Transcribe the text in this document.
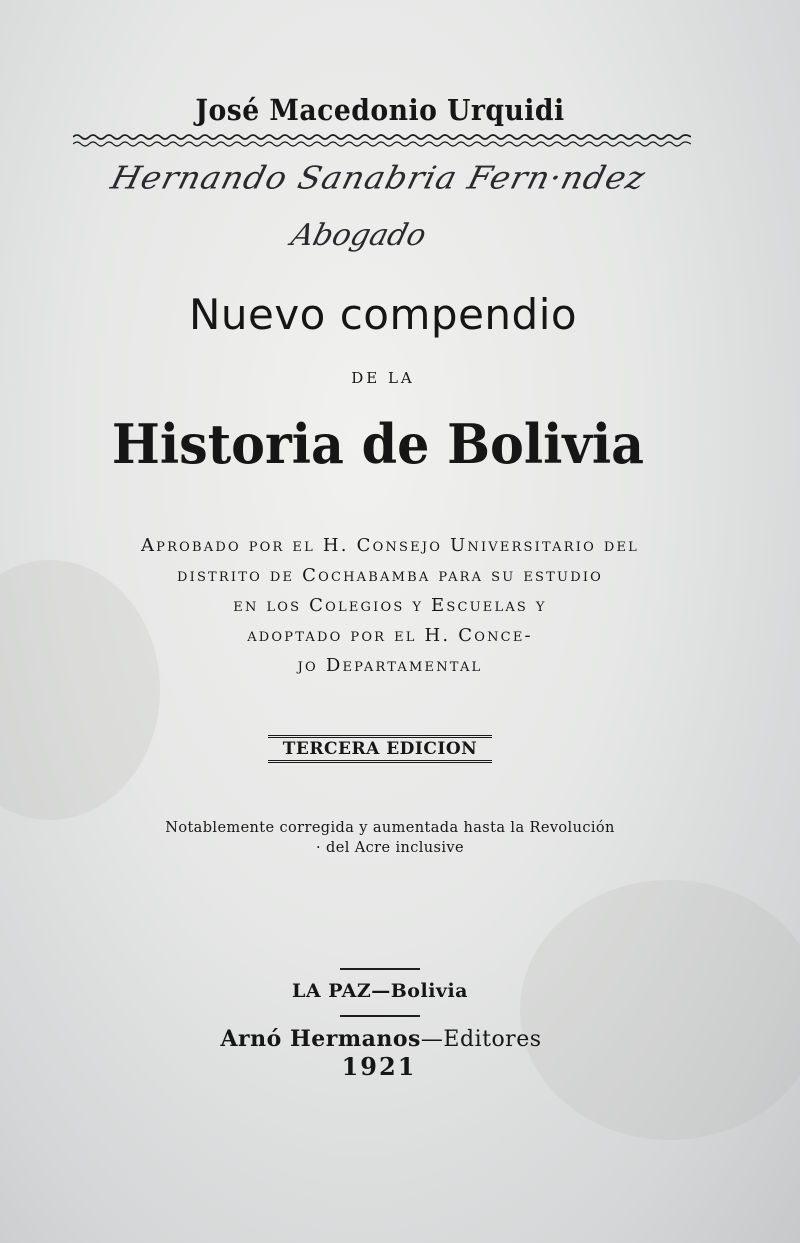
José Macedonio Urquidi
Hernando Sanabria Fern·ndez
Abogado
Nuevo compendio
DE LA
Historia de Bolivia
Aprobado por el H. Consejo Universitario del
distrito de Cochabamba para su estudio
en los Colegios y Escuelas y
adoptado por el H. Conce-
jo Departamental
TERCERA EDICION
Notablemente corregida y aumentada hasta la Revolución
· del Acre inclusive
LA PAZ—Bolivia
Arnó Hermanos—Editores
1921
